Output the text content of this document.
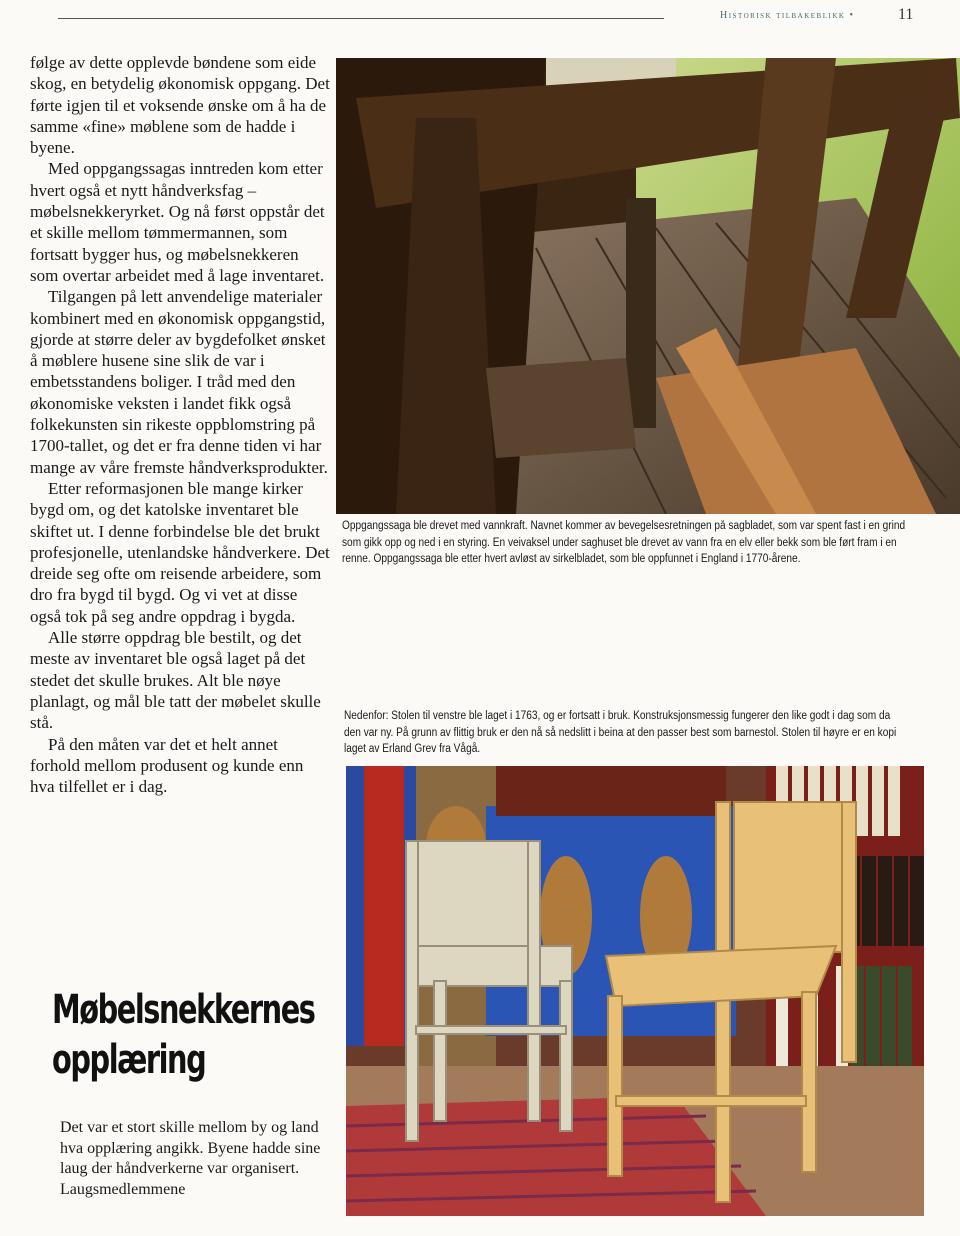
Historisk tilbakeblikk •	11

følge av dette opplevde bøndene som eide skog, en betydelig økonomisk oppgang. Det førte igjen til et voksende ønske om å ha de samme «fine» møblene som de hadde i byene.

Med oppgangssagas inntreden kom etter hvert også et nytt håndverksfag – møbelsnekkeryrket. Og nå først oppstår det et skille mellom tømmermannen, som fortsatt bygger hus, og møbelsnekkeren som overtar arbeidet med å lage inventaret.

Tilgangen på lett anvendelige materialer kombinert med en økonomisk oppgangstid, gjorde at større deler av bygdefolket ønsket å møblere husene sine slik de var i embetsstandens boliger. I tråd med den økonomiske veksten i landet fikk også folkekunsten sin rikeste oppblomstring på 1700-tallet, og det er fra denne tiden vi har mange av våre fremste håndverksprodukter.

Etter reformasjonen ble mange kirker bygd om, og det katolske inventaret ble skiftet ut. I denne forbindelse ble det brukt profesjonelle, utenlandske håndverkere. Det dreide seg ofte om reisende arbeidere, som dro fra bygd til bygd. Og vi vet at disse også tok på seg andre oppdrag i bygda.

Alle større oppdrag ble bestilt, og det meste av inventaret ble også laget på det stedet det skulle brukes. Alt ble nøye planlagt, og mål ble tatt der møbelet skulle stå.

På den måten var det et helt annet forhold mellom produsent og kunde enn hva tilfellet er i dag.

Møbelsnekkernes
opplæring

Det var et stort skille mellom by og land hva opplæring angikk. Byene hadde sine laug der håndverkerne var organisert. Laugsmedlemmene

Oppgangssaga ble drevet med vannkraft. Navnet kommer av bevegelsesretningen på sagbladet, som var spent fast i en grind som gikk opp og ned i en styring. En veivaksel under saghuset ble drevet av vann fra en elv eller bekk som ble ført fram i en renne. Oppgangssaga ble etter hvert avløst av sirkelbladet, som ble oppfunnet i England i 1770-årene.
Nedenfor: Stolen til venstre ble laget i 1763, og er fortsatt i bruk. Konstruksjonsmessig fungerer den like godt i dag som da den var ny. På grunn av flittig bruk er den nå så nedslitt i beina at den passer best som barnestol. Stolen til høyre er en kopi laget av Erland Grev fra Vågå.
